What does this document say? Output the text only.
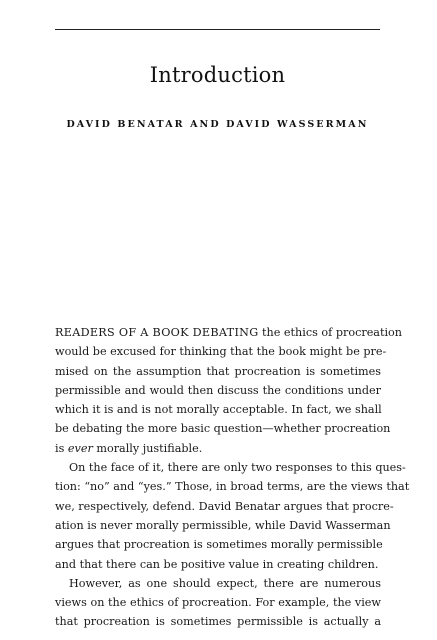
Introduction
DAVID BENATAR AND DAVID WASSERMAN
READERS OF A BOOK DEBATING the ethics of procreation
would be excused for thinking that the book might be pre-
mised on the assumption that procreation is sometimes
permissible and would then discuss the conditions under
which it is and is not morally acceptable. In fact, we shall
be debating the more basic question—whether procreation
is ever morally justifiable.
On the face of it, there are only two responses to this ques-
tion: “no” and “yes.” Those, in broad terms, are the views that
we, respectively, defend. David Benatar argues that procre-
ation is never morally permissible, while David Wasserman
argues that procreation is sometimes morally permissible
and that there can be positive value in creating children.
However, as one should expect, there are numerous
views on the ethics of procreation. For example, the view
that procreation is sometimes permissible is actually a
